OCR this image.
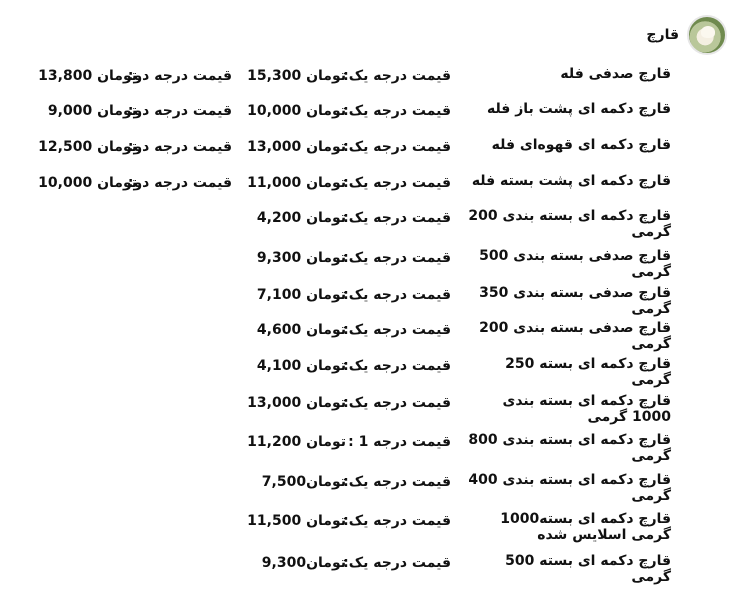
قارچ
قارچ صدفی فله
قیمت درجه یک:
15,300 تومان
قیمت درجه دو:
13,800 تومان
قارچ دکمه ای پشت باز فله
قیمت درجه یک:
10,000 تومان
قیمت درجه دو:
9,000 تومان
قارچ دکمه ای قهوه‌ای فله
قیمت درجه یک:
13,000 تومان
قیمت درجه دو:
12,500 تومان
قارچ دکمه ای پشت بسته فله
قیمت درجه یک:
11,000 تومان
قیمت درجه دو:
10,000 تومان
قارچ دکمه ای بسته بندی 200 گرمی
قیمت درجه یک:
4,200 تومان
قارچ صدفی بسته بندی 500 گرمی
قیمت درجه یک:
9,300 تومان
قارچ صدفی بسته بندی 350 گرمی
قیمت درجه یک:
7,100 تومان
قارچ صدفی بسته بندی 200 گرمی
قیمت درجه یک:
4,600 تومان
قارچ دکمه ای بسته 250 گرمی
قیمت درجه یک:
4,100 تومان
قارچ دکمه ای بسته بندی 1000 گرمی
قیمت درجه یک:
13,000 تومان
قارچ دکمه ای بسته بندی 800 گرمی
قیمت درجه 1 :
11,200 تومان
قارچ دکمه ای بسته بندی 400 گرمی
قیمت درجه یک:
7,500تومان
قارچ دکمه ای بسته1000 گرمی اسلایس شده
قیمت درجه یک:
11,500 تومان
قارچ دکمه ای بسته 500 گرمی
قیمت درجه یک:
9,300تومان
